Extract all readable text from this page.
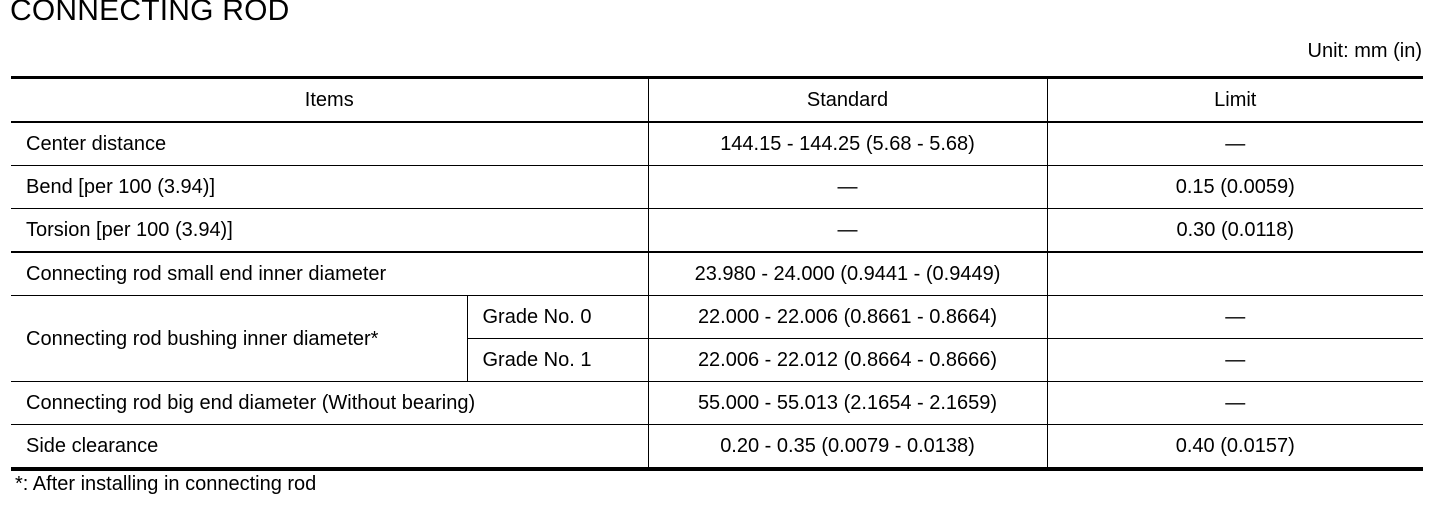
CONNECTING ROD
Unit: mm (in)
Items		Standard	Limit
Center distance		144.15 - 144.25 (5.68 - 5.68)	—
Bend [per 100 (3.94)]		—	0.15 (0.0059)
Torsion [per 100 (3.94)]		—	0.30 (0.0118)
Connecting rod small end inner diameter		23.980 - 24.000 (0.9441 - (0.9449)	
Connecting rod bushing inner diameter*	Grade No. 0	22.000 - 22.006 (0.8661 - 0.8664)	—
	Grade No. 1	22.006 - 22.012 (0.8664 - 0.8666)	—
Connecting rod big end diameter (Without bearing)		55.000 - 55.013 (2.1654 - 2.1659)	—
Side clearance		0.20 - 0.35 (0.0079 - 0.0138)	0.40 (0.0157)
*: After installing in connecting rod
